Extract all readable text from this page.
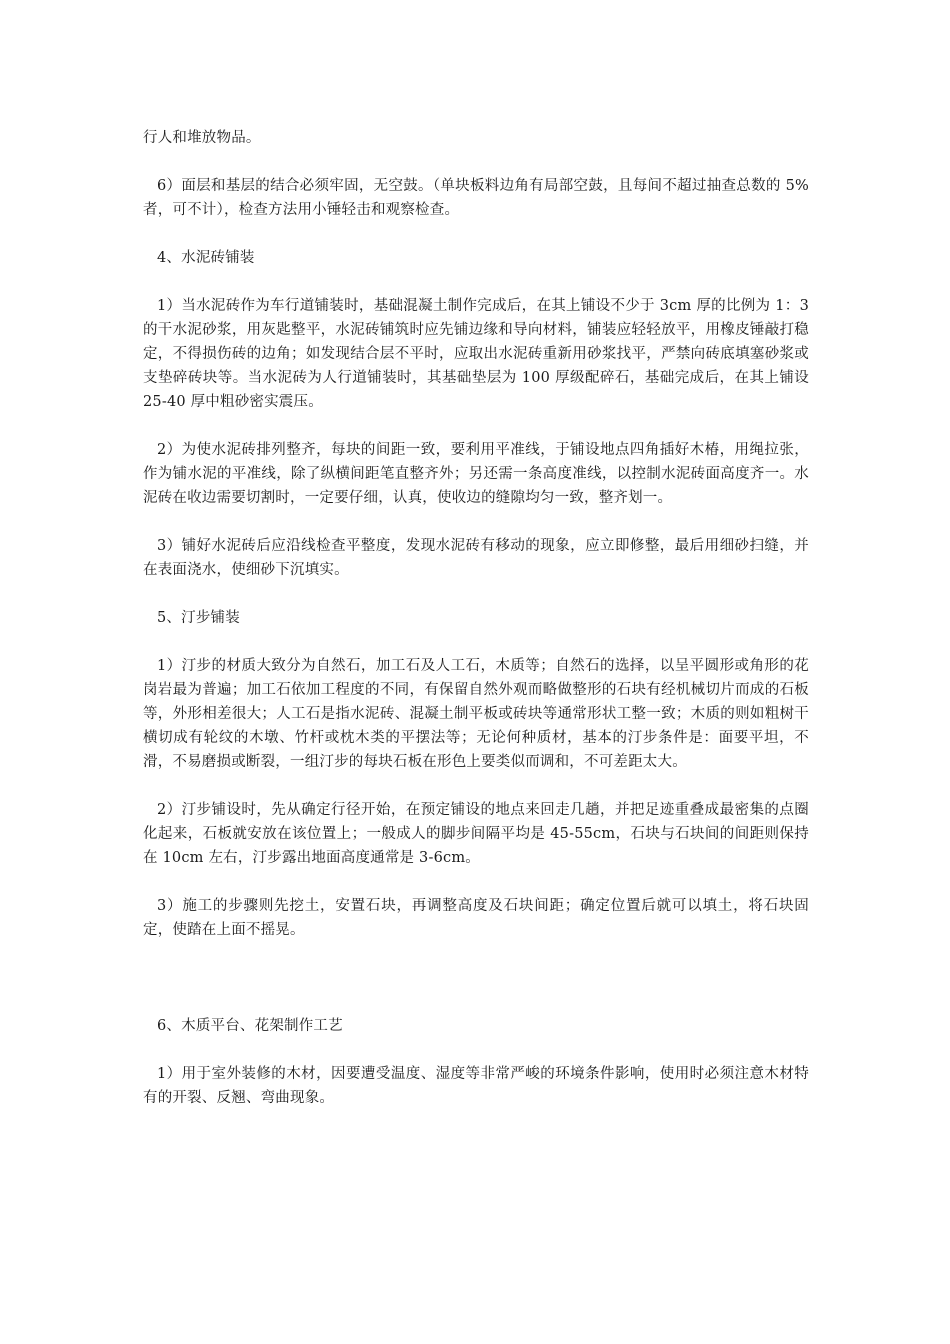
行人和堆放物品。

6）面层和基层的结合必须牢固，无空鼓。（单块板料边角有局部空鼓，且每间不超过抽查总数的 5%者，可不计），检查方法用小锤轻击和观察检查。

4、水泥砖铺装

1）当水泥砖作为车行道铺装时，基础混凝土制作完成后，在其上铺设不少于 3cm 厚的比例为 1：3 的干水泥砂浆，用灰匙整平，水泥砖铺筑时应先铺边缘和导向材料，铺装应轻轻放平，用橡皮锤敲打稳定，不得损伤砖的边角；如发现结合层不平时，应取出水泥砖重新用砂浆找平，严禁向砖底填塞砂浆或支垫碎砖块等。当水泥砖为人行道铺装时，其基础垫层为 100 厚级配碎石，基础完成后，在其上铺设 25-40 厚中粗砂密实震压。

2）为使水泥砖排列整齐，每块的间距一致，要利用平准线，于铺设地点四角插好木椿，用绳拉张，作为铺水泥的平准线，除了纵横间距笔直整齐外；另还需一条高度准线，以控制水泥砖面高度齐一。水泥砖在收边需要切割时，一定要仔细，认真，使收边的缝隙均匀一致，整齐划一。

3）铺好水泥砖后应沿线检查平整度，发现水泥砖有移动的现象，应立即修整，最后用细砂扫缝，并在表面浇水，使细砂下沉填实。

5、汀步铺装

1）汀步的材质大致分为自然石，加工石及人工石，木质等；自然石的选择，以呈平圆形或角形的花岗岩最为普遍；加工石依加工程度的不同，有保留自然外观而略做整形的石块有经机械切片而成的石板等，外形相差很大；人工石是指水泥砖、混凝土制平板或砖块等通常形状工整一致；木质的则如粗树干横切成有轮纹的木墩、竹杆或枕木类的平摆法等；无论何种质材，基本的汀步条件是：面要平坦，不滑，不易磨损或断裂，一组汀步的每块石板在形色上要类似而调和，不可差距太大。

2）汀步铺设时，先从确定行径开始，在预定铺设的地点来回走几趟，并把足迹重叠成最密集的点圈化起来，石板就安放在该位置上；一般成人的脚步间隔平均是 45-55cm，石块与石块间的间距则保持在 10cm 左右，汀步露出地面高度通常是 3-6cm。

3）施工的步骤则先挖土，安置石块，再调整高度及石块间距；确定位置后就可以填土，将石块固定，使踏在上面不摇晃。

6、木质平台、花架制作工艺

1）用于室外装修的木材，因要遭受温度、湿度等非常严峻的环境条件影响，使用时必须注意木材特有的开裂、反翘、弯曲现象。
